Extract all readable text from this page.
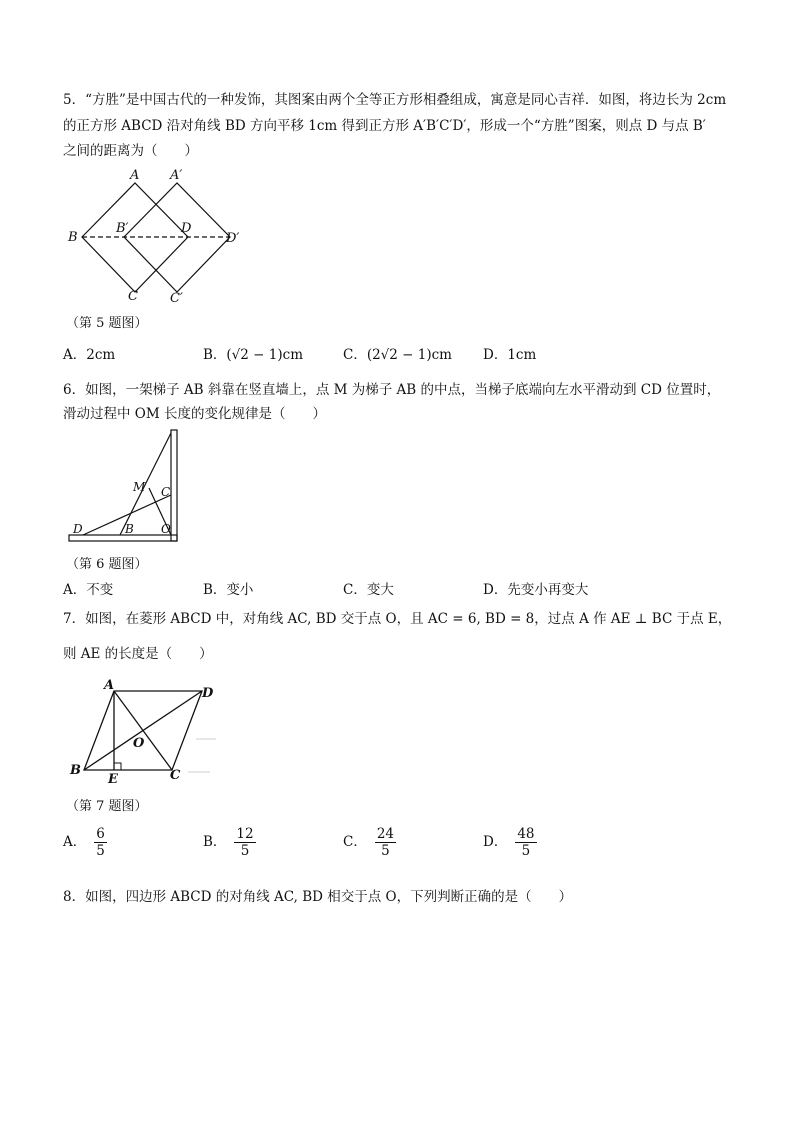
5．“方胜”是中国古代的一种发饰，其图案由两个全等正方形相叠组成，寓意是同心吉祥．如图，将边长为 2cm
的正方形 ABCD 沿对角线 BD 方向平移 1cm 得到正方形 A′B′C′D′，形成一个“方胜”图案，则点 D 与点 B′
之间的距离为（　　）
A A′
B
B′	D
D′
C C′
（第 5 题图）
A．2cm	B．(√2 − 1)cm	C．(2√2 − 1)cm D．1cm
6．如图，一架梯子 AB 斜靠在竖直墙上，点 M 为梯子 AB 的中点，当梯子底端向左水平滑动到 CD 位置时，
滑动过程中 OM 长度的变化规律是（　　）
M C
D	B O
（第 6 题图）
A．不变	B．变小	C．变大	D．先变小再变大
7．如图，在菱形 ABCD 中，对角线 AC, BD 交于点 O，且 AC = 6, BD = 8，过点 A 作 AE ⊥ BC 于点 E，
则 AE 的长度是（　　）
A
D
O
B
E	C
（第 7 题图）
A． $\frac{6}{5}$	B． $\frac{12}{5}$	C． $\frac{24}{5}$	D． $\frac{48}{5}$
8．如图，四边形 ABCD 的对角线 AC, BD 相交于点 O，下列判断正确的是（　　）
